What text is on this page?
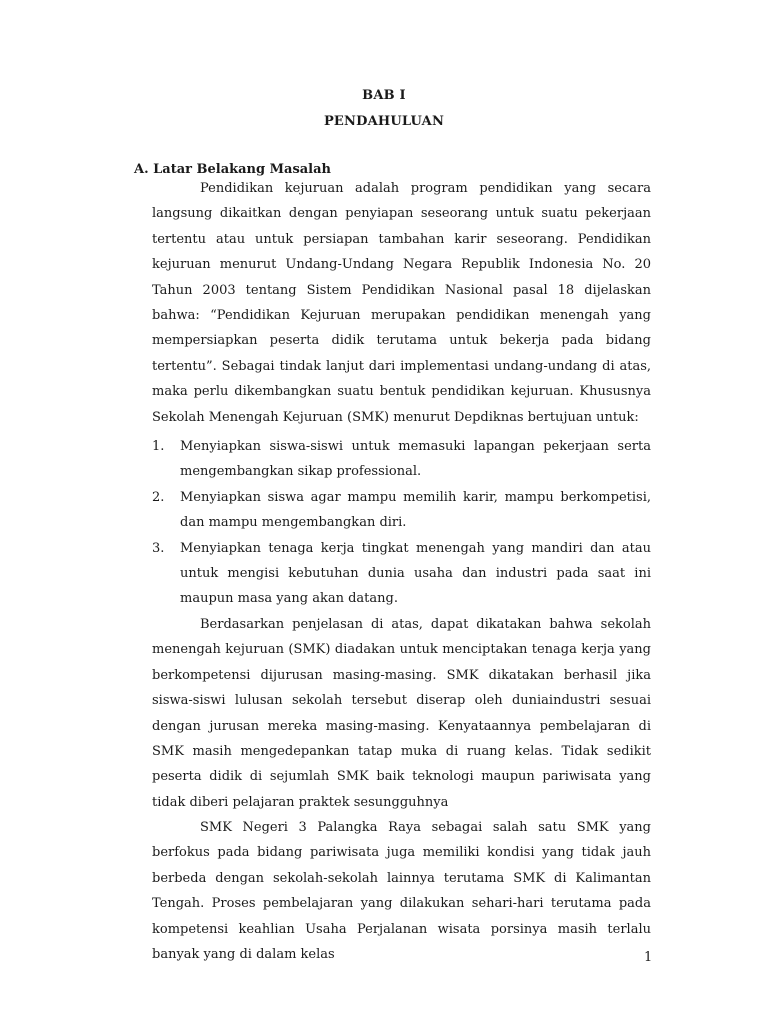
BAB I
PENDAHULUAN
A. Latar Belakang Masalah

Pendidikan kejuruan adalah program pendidikan yang secara langsung dikaitkan dengan penyiapan seseorang untuk suatu pekerjaan tertentu atau untuk persiapan tambahan karir seseorang. Pendidikan kejuruan menurut Undang-Undang Negara Republik Indonesia No. 20 Tahun 2003 tentang Sistem Pendidikan Nasional pasal 18 dijelaskan bahwa: “Pendidikan Kejuruan merupakan pendidikan menengah yang mempersiapkan peserta didik terutama untuk bekerja pada bidang tertentu”. Sebagai tindak lanjut dari implementasi undang-undang di atas, maka perlu dikembangkan suatu bentuk pendidikan kejuruan. Khususnya Sekolah Menengah Kejuruan (SMK) menurut Depdiknas bertujuan untuk:

1. Menyiapkan siswa-siswi untuk memasuki lapangan pekerjaan serta mengembangkan sikap professional.
2. Menyiapkan siswa agar mampu memilih karir, mampu berkompetisi, dan mampu mengembangkan diri.
3. Menyiapkan tenaga kerja tingkat menengah yang mandiri dan atau untuk mengisi kebutuhan dunia usaha dan industri pada saat ini maupun masa yang akan datang.

Berdasarkan penjelasan di atas, dapat dikatakan bahwa sekolah menengah kejuruan (SMK) diadakan untuk menciptakan tenaga kerja yang berkompetensi dijurusan masing-masing. SMK dikatakan berhasil jika siswa-siswi lulusan sekolah tersebut diserap oleh duniaindustri sesuai dengan jurusan mereka masing-masing. Kenyataannya pembelajaran di SMK masih mengedepankan tatap muka di ruang kelas. Tidak sedikit peserta didik di sejumlah SMK baik teknologi maupun pariwisata yang tidak diberi pelajaran praktek sesungguhnya

SMK Negeri 3 Palangka Raya sebagai salah satu SMK yang berfokus pada bidang pariwisata juga memiliki kondisi yang tidak jauh berbeda dengan sekolah-sekolah lainnya terutama SMK di Kalimantan Tengah. Proses pembelajaran yang dilakukan sehari-hari terutama pada kompetensi keahlian Usaha Perjalanan wisata porsinya masih terlalu banyak yang di dalam kelas	1
